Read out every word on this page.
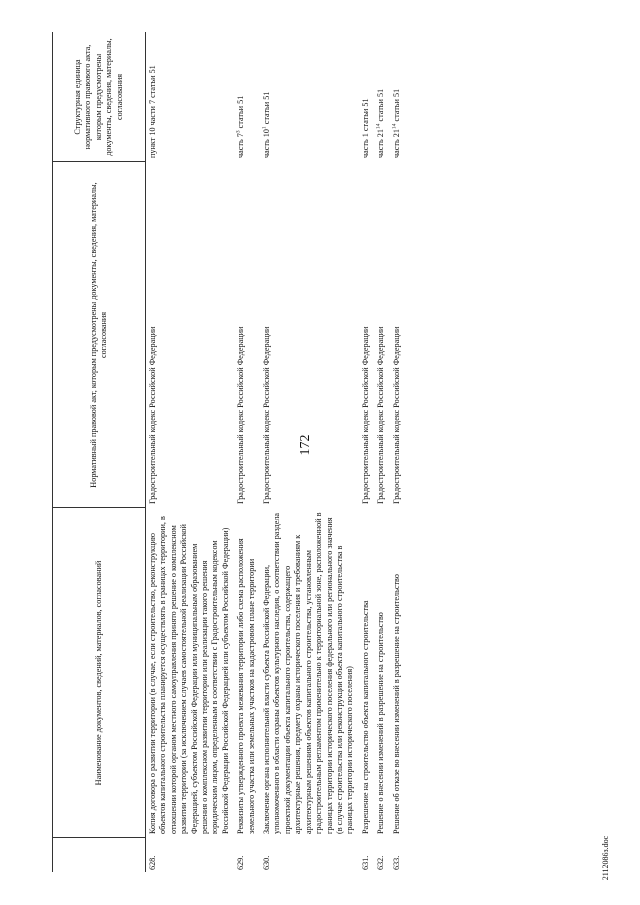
172
	Наименование документов, сведений, материалов, согласований	Нормативный правовой акт, которым предусмотрены документы, сведения, материалы, согласования	Структурная единица нормативного правового акта, которым предусмотрены документы, сведения, материалы, согласования
628.	Копия договора о развитии территории (в случае, если строительство, реконструкцию объектов капитального строительства планируется осуществлять в границах территории, в отношении которой органом местного самоуправления принято решение о комплексном развитии территории (за исключением случаев самостоятельной реализации Российской Федерацией, субъектом Российской Федерации или муниципальным образованием решения о комплексном развитии территории или реализации такого решения юридическим лицом, определенным в соответствии с Градостроительным кодексом Российской Федерации Российской Федерацией или субъектом Российской Федерации)	Градостроительный кодекс Российской Федерации	пункт 10 части 7 статьи 51
629.	Реквизиты утвержденного проекта межевания территории либо схема расположения земельного участка или земельных участков на кадастровом плане территории	Градостроительный кодекс Российской Федерации	часть $7^3$ статьи 51
630.	Заключение органа исполнительной власти субъекта Российской Федерации, уполномоченного в области охраны объектов культурного наследия, о соответствии раздела проектной документации объекта капитального строительства, содержащего архитектурные решения, предмету охраны исторического поселения и требованиям к архитектурным решениям объектов капитального строительства, установленным градостроительным регламентом применительно к территориальной зоне, расположенной в границах территории исторического поселения федерального или регионального значения (в случае строительства или реконструкции объекта капитального строительства в границах территории исторического поселения)	Градостроительный кодекс Российской Федерации	часть $10^1$ статьи 51
631.	Разрешение на строительство объекта капитального строительства	Градостроительный кодекс Российской Федерации	часть 1 статьи 51
632.	Решение о внесении изменений в разрешение на строительство	Градостроительный кодекс Российской Федерации	часть $21^{14}$ статьи 51
633.	Решение об отказе во внесении изменений в разрешение на строительство	Градостроительный кодекс Российской Федерации	часть $21^{14}$ статьи 51
2112086з.doc
